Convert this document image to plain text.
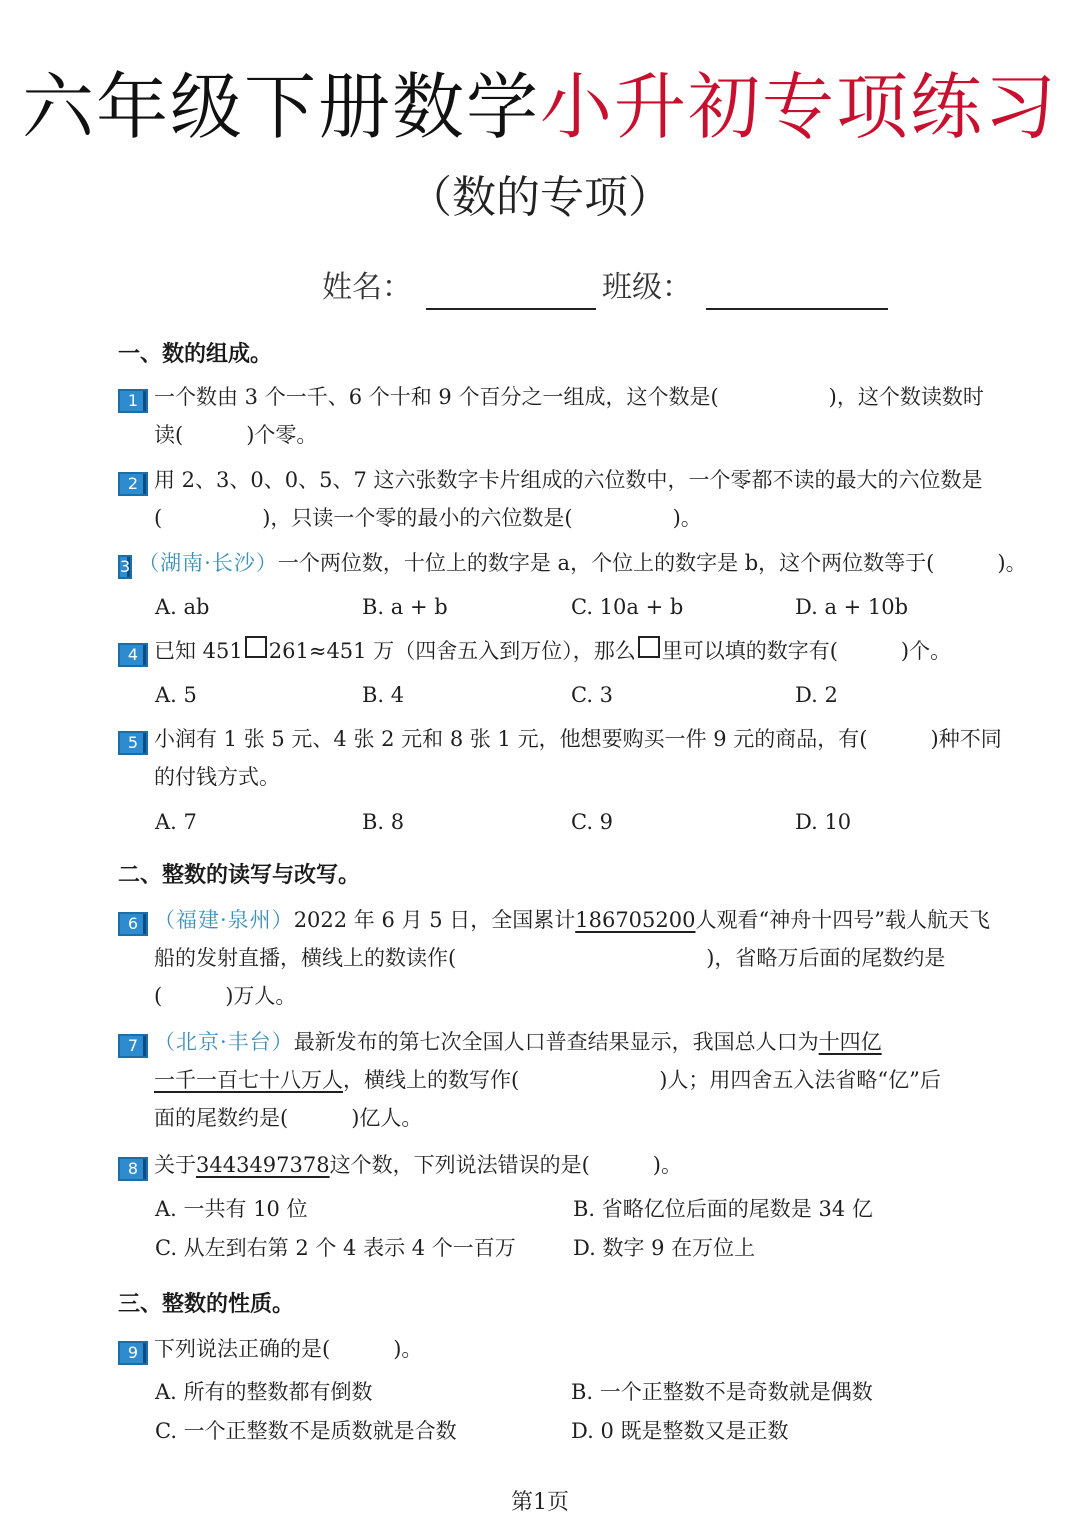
六年级下册数学小升初专项练习
（数的专项）
姓名：	班级：
一、数的组成。
1 一个数由 3 个一千、6 个十和 9 个百分之一组成，这个数是(	)，这个数读数时
读(　　　)个零。
2 用 2、3、0、0、5、7 这六张数字卡片组成的六位数中，一个零都不读的最大的六位数是
(	)，只读一个零的最小的六位数是(	)。
3 （湖南·长沙） 一个两位数，十位上的数字是 a，个位上的数字是 b，这个两位数等于(　　　)。
A. ab	B. a + b	C. 10a + b	D. a + 10b
4 已知 451 261≈451 万（四舍五入到万位），那么 里可以填的数字有(　　　)个。
A. 5	B. 4	C. 3	D. 2
5 小润有 1 张 5 元、4 张 2 元和 8 张 1 元，他想要购买一件 9 元的商品，有(　　　)种不同
的付钱方式。
A. 7	B. 8	C. 9	D. 10
二、整数的读写与改写。
6 （福建·泉州） 2022 年 6 月 5 日，全国累计 186705200 人观看“神舟十四号”载人航天飞
船的发射直播，横线上的数读作(	)，省略万后面的尾数约是
(　　　)万人。
7 （北京·丰台） 最新发布的第七次全国人口普查结果显示，我国总人口为 十四亿
一千一百七十八万人 ，横线上的数写作(	)人；用四舍五入法省略“亿”后
面的尾数约是(　　　)亿人。
8 关于 3443497378 这个数，下列说法错误的是(　　　)。
A. 一共有 10 位	B. 省略亿位后面的尾数是 34 亿
C. 从左到右第 2 个 4 表示 4 个一百万	D. 数字 9 在万位上
三、整数的性质。
9 下列说法正确的是(　　　)。
A. 所有的整数都有倒数	B. 一个正整数不是奇数就是偶数
C. 一个正整数不是质数就是合数	D. 0 既是整数又是正数
第1页
